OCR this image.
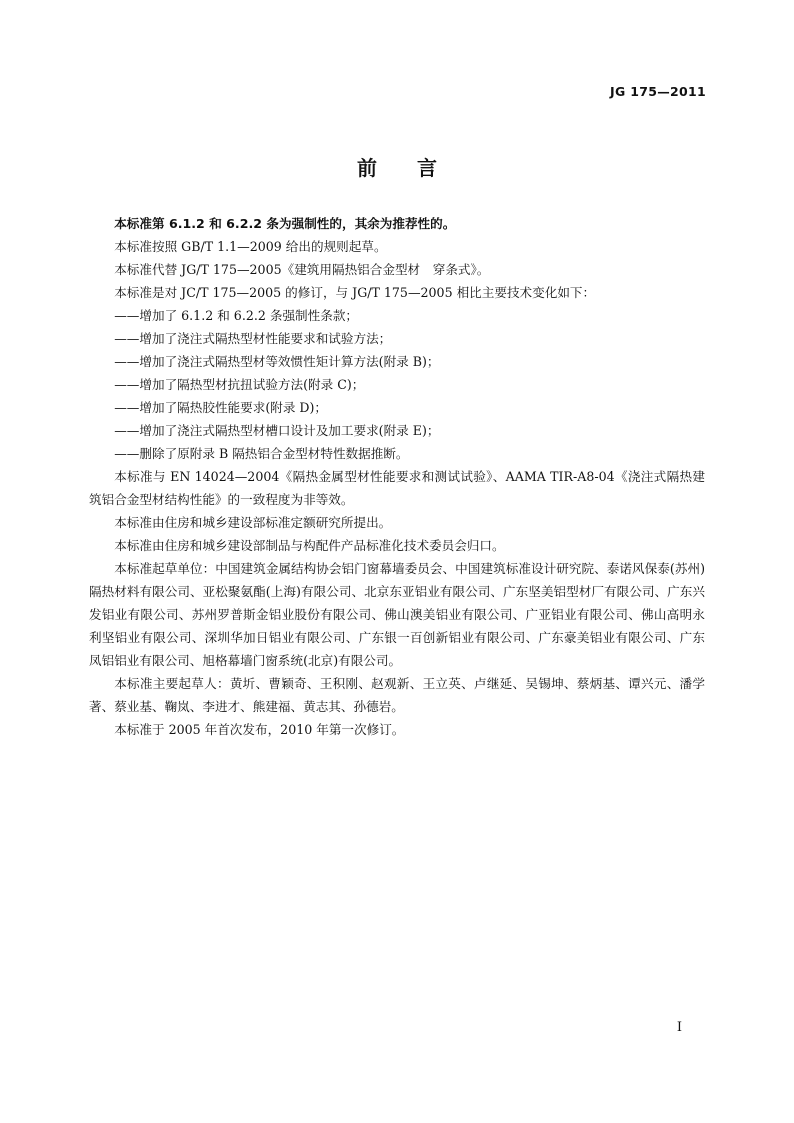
JG 175—2011
前言

本标准第 6.1.2 和 6.2.2 条为强制性的，其余为推荐性的。

本标准按照 GB/T 1.1—2009 给出的规则起草。

本标准代替 JG/T 175—2005《建筑用隔热铝合金型材　穿条式》。

本标准是对 JC/T 175—2005 的修订，与 JG/T 175—2005 相比主要技术变化如下：

——增加了 6.1.2 和 6.2.2 条强制性条款；

——增加了浇注式隔热型材性能要求和试验方法；

——增加了浇注式隔热型材等效惯性矩计算方法(附录 B)；

——增加了隔热型材抗扭试验方法(附录 C)；

——增加了隔热胶性能要求(附录 D)；

——增加了浇注式隔热型材槽口设计及加工要求(附录 E)；

——删除了原附录 B 隔热铝合金型材特性数据推断。

本标准与 EN 14024—2004《隔热金属型材性能要求和测试试验》、AAMA TIR-A8-04《浇注式隔热建筑铝合金型材结构性能》的一致程度为非等效。

本标准由住房和城乡建设部标准定额研究所提出。

本标准由住房和城乡建设部制品与构配件产品标准化技术委员会归口。

本标准起草单位：中国建筑金属结构协会铝门窗幕墙委员会、中国建筑标准设计研究院、泰诺风保泰(苏州)隔热材料有限公司、亚松聚氨酯(上海)有限公司、北京东亚铝业有限公司、广东坚美铝型材厂有限公司、广东兴发铝业有限公司、苏州罗普斯金铝业股份有限公司、佛山澳美铝业有限公司、广亚铝业有限公司、佛山高明永利坚铝业有限公司、深圳华加日铝业有限公司、广东银一百创新铝业有限公司、广东豪美铝业有限公司、广东凤铝铝业有限公司、旭格幕墙门窗系统(北京)有限公司。

本标准主要起草人：黄圻、曹颖奇、王积刚、赵观新、王立英、卢继延、吴锡坤、蔡炳基、谭兴元、潘学著、蔡业基、鞠岚、李进才、熊建福、黄志其、孙德岩。

本标准于 2005 年首次发布，2010 年第一次修订。

I
